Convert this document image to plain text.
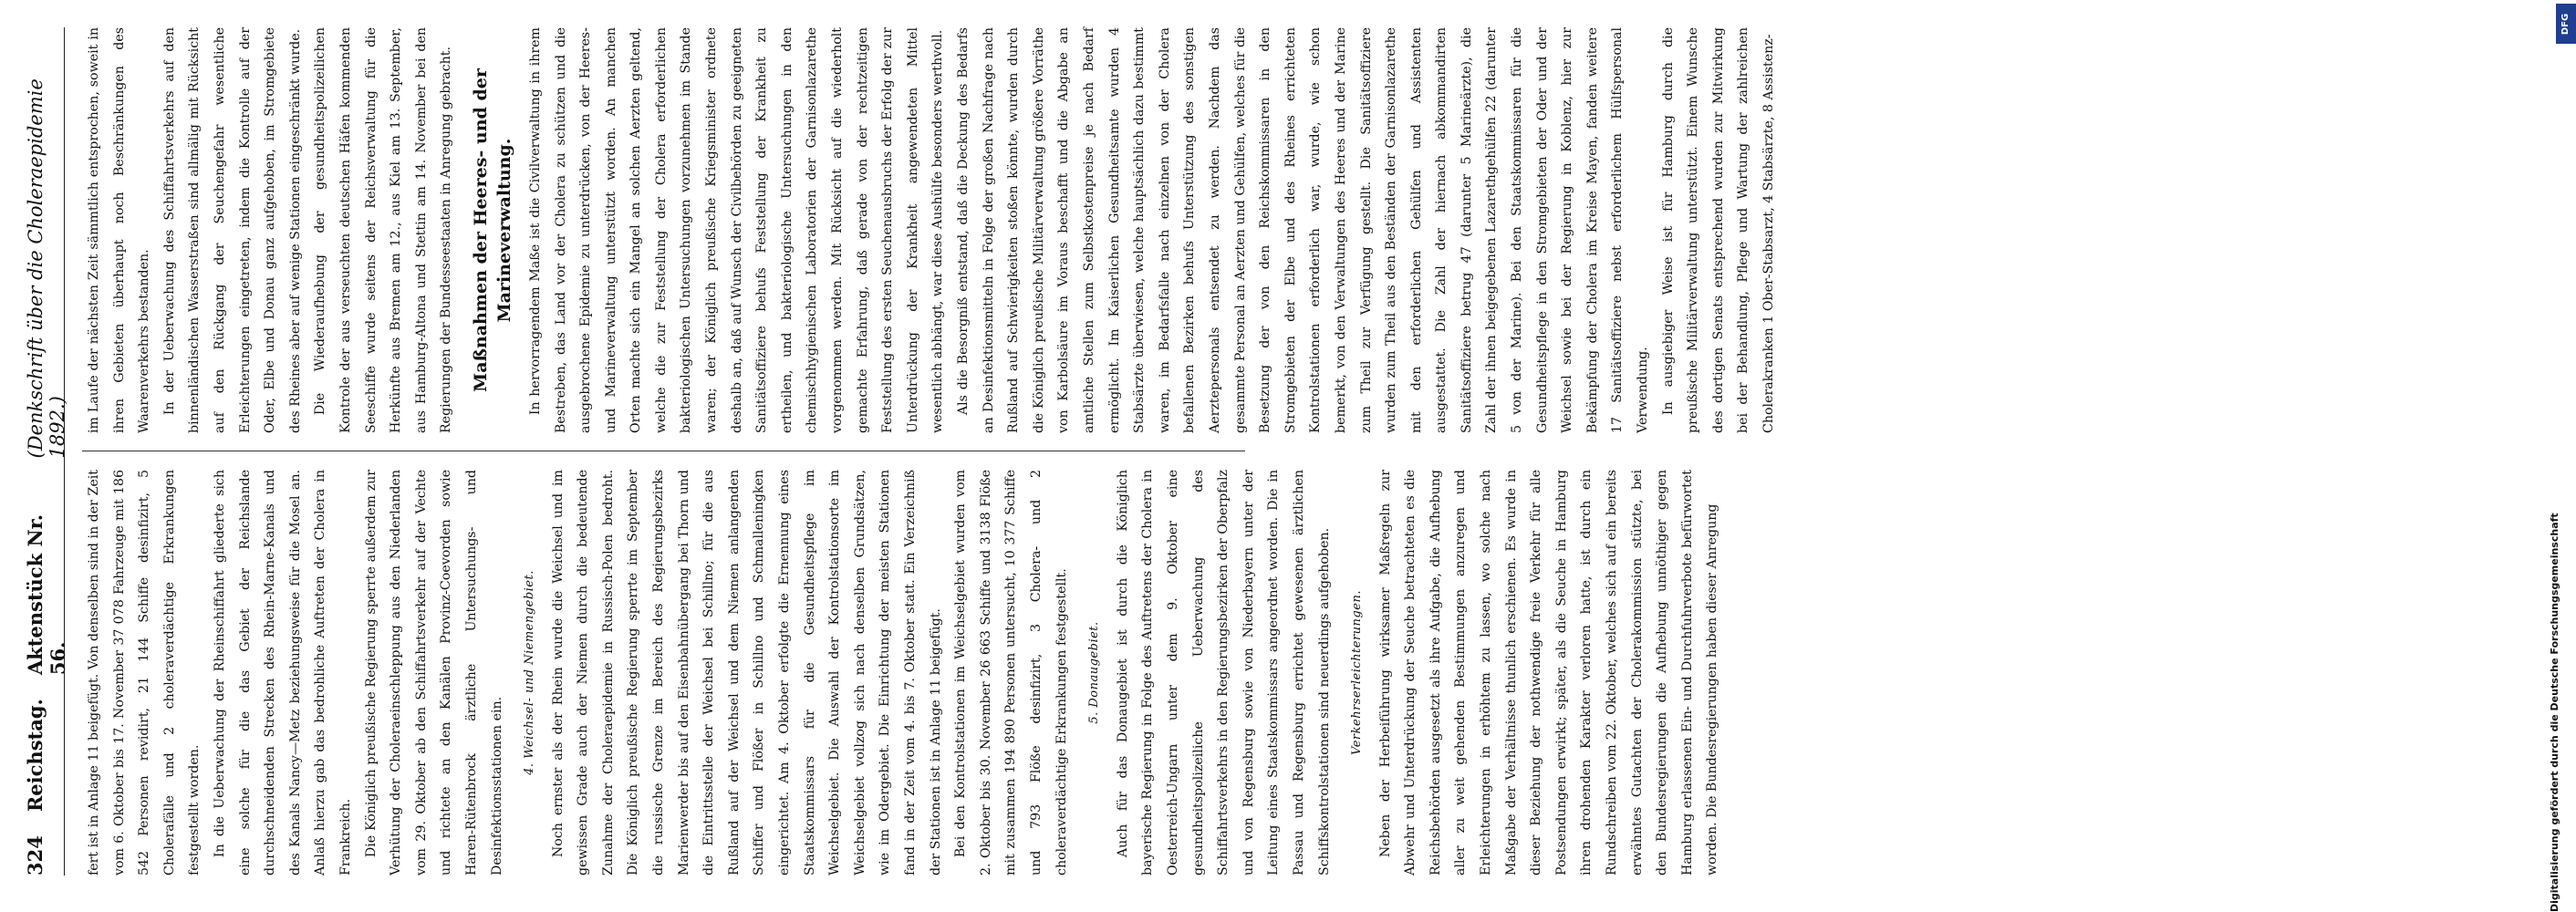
324
Reichstag.
Aktenstück Nr. 56.
(Denkschrift über die Choleraepidemie 1892.)

fert ist in Anlage 11 beigefügt. Von denselben sind in der Zeit vom 6. Oktober bis 17. November 37 078 Fahrzeuge mit 186 542 Personen revidirt, 21 144 Schiffe desinfizirt, 5 Cholerafälle und 2 choleraverdächtige Erkrankungen festgestellt worden. In die Ueberwachung der Rheinschiffahrt gliederte sich eine solche für die das Gebiet der Reichslande durchschneidenden Strecken des Rhein-Marne-Kanals und des Kanals Nancy—Metz beziehungsweise für die Mosel an. Anlaß hierzu gab das bedrohliche Auftreten der Cholera in Frankreich. Die Königlich preußische Regierung sperrte außerdem zur Verhütung der Choleraeinschleppung aus den Niederlanden vom 29. Oktober ab den Schiffahrtsverkehr auf der Vechte und richtete an den Kanälen Provinz-Coevorden sowie Haren-Rütenbrock ärztliche Untersuchungs- und Desinfektionsstationen ein.

4. Weichsel- und Niemengebiet.	Noch ernster als der Rhein wurde die Weichsel und im gewissen Grade auch der Niemen durch die bedeutende Zunahme der Choleraepidemie in Russisch-Polen bedroht. Die Königlich preußische Regierung sperrte im September die russische Grenze im Bereich des Regierungsbezirks Marienwerder bis auf den Eisenbahnübergang bei Thorn und die Eintrittsstelle der Weichsel bei Schillno; für die aus Rußland auf der Weichsel und dem Niemen anlangenden Schiffer und Flößer in Schillno und Schmalleningken eingerichtet. Am 4. Oktober erfolgte die Ernennung eines Staatskommissars für die Gesundheitspflege im Weichselgebiet. Die Auswahl der Kontrolstationsorte im Weichselgebiet vollzog sich nach denselben Grundsätzen, wie im Odergebiet. Die Einrichtung der meisten Stationen fand in der Zeit vom 4. bis 7. Oktober statt. Ein Verzeichniß der Stationen ist in Anlage 11 beigefügt. Bei den Kontrolstationen im Weichselgebiet wurden vom 2. Oktober bis 30. November 26 663 Schiffe und 3138 Flöße mit zusammen 194 890 Personen untersucht, 10 377 Schiffe und 793 Flöße desinfizirt, 3 Cholera- und 2 choleraverdächtige Erkrankungen festgestellt.	5. Donaugebiet.	Auch für das Donaugebiet ist durch die Königlich bayerische Regierung in Folge des Auftretens der Cholera in Oesterreich-Ungarn unter dem 9. Oktober eine gesundheitspolizeiliche Ueberwachung des Schiffahrtsverkehrs in den Regierungsbezirken der Oberpfalz und von Regensburg sowie von Niederbayern unter der Leitung eines Staatskommissars angeordnet worden. Die in Passau und Regensburg errichtet gewesenen ärztlichen Schiffskontrolstationen sind neuerdings aufgehoben.	Verkehrserleichterungen.	Neben der Herbeiführung wirksamer Maßregeln zur Abwehr und Unterdrückung der Seuche betrachteten es die Reichsbehörden ausgesetzt als ihre Aufgabe, die Aufhebung aller zu weit gehenden Bestimmungen anzuregen und Erleichterungen in erhöhtem zu lassen, wo solche nach Maßgabe der Verhältnisse thunlich erschienen. Es wurde in dieser Beziehung der nothwendige freie Verkehr für alle Postsendungen erwirkt; später, als die Seuche in Hamburg ihren drohenden Karakter verloren hatte, ist durch ein Rundschreiben vom 22. Oktober, welches sich auf ein bereits erwähntes Gutachten der Cholerakommission stützte, bei den Bundesregierungen die Aufhebung unnöthiger gegen Hamburg erlassenen Ein- und Durchfuhrverbote befürwortet worden. Die Bundesregierungen haben dieser Anregung

im Laufe der nächsten Zeit sämmtlich entsprochen, soweit in ihren Gebieten überhaupt noch Beschränkungen des Waarenverkehrs bestanden. In der Ueberwachung des Schiffahrtsverkehrs auf den binnenländischen Wasserstraßen sind allmälig mit Rücksicht auf den Rückgang der Seuchengefahr wesentliche Erleichterungen eingetreten, indem die Kontrolle auf der Oder, Elbe und Donau ganz aufgehoben, im Stromgebiete des Rheines aber auf wenige Stationen eingeschränkt wurde. Die Wiederaufhebung der gesundheitspolizeilichen Kontrole der aus verseuchten deutschen Häfen kommenden Seeschiffe wurde seitens der Reichsverwaltung für die Herkünfte aus Bremen am 12., aus Kiel am 13. September, aus Hamburg-Altona und Stettin am 14. November bei den Regierungen der Bundesseestaaten in Anregung gebracht. Maßnahmen der Heeres- und der Marineverwaltung.	In hervorragendem Maße ist die Civilverwaltung in ihrem Bestreben, das Land vor der Cholera zu schützen und die ausgebrochene Epidemie zu unterdrücken, von der Heeres- und Marineverwaltung unterstützt worden. An manchen Orten machte sich ein Mangel an solchen Aerzten geltend, welche die zur Feststellung der Cholera erforderlichen bakteriologischen Untersuchungen vorzunehmen im Stande waren; der Königlich preußische Kriegsminister ordnete deshalb an, daß auf Wunsch der Civilbehörden zu geeigneten Sanitätsoffiziere behufs Feststellung der Krankheit zu ertheilen, und bakteriologische Untersuchungen in den chemischhygienischen Laboratorien der Garnisonlazarethe vorgenommen werden. Mit Rücksicht auf die wiederholt gemachte Erfahrung, daß gerade von der rechtzeitigen Feststellung des ersten Seuchenausbruchs der Erfolg der zur Unterdrückung der Krankheit angewendeten Mittel wesentlich abhängt, war diese Aushülfe besonders werthvoll. Als die Besorgniß entstand, daß die Deckung des Bedarfs an Desinfektionsmitteln in Folge der großen Nachfrage nach Rußland auf Schwierigkeiten stoßen könnte, wurden durch die Königlich preußische Militärverwaltung größere Vorräthe von Karbolsäure im Voraus beschafft und die Abgabe an amtliche Stellen zum Selbstkostenpreise je nach Bedarf ermöglicht. Im Kaiserlichen Gesundheitsamte wurden 4 Stabsärzte überwiesen, welche hauptsächlich dazu bestimmt waren, im Bedarfsfalle nach einzelnen von der Cholera befallenen Bezirken behufs Unterstützung des sonstigen Aerztepersonals entsendet zu werden. Nachdem das gesammte Personal an Aerzten und Gehülfen, welches für die Besetzung der von den Reichskommissaren in den Stromgebieten der Elbe und des Rheines errichteten Kontrolstationen erforderlich war, wurde, wie schon bemerkt, von den Verwaltungen des Heeres und der Marine zum Theil zur Verfügung gestellt. Die Sanitätsoffiziere wurden zum Theil aus den Beständen der Garnisonlazarethe mit den erforderlichen Gehülfen und Assistenten ausgestattet. Die Zahl der hiernach abkommandirten Sanitätsoffiziere betrug 47 (darunter 5 Marineärzte), die Zahl der ihnen beigegebenen Lazarethgehülfen 22 (darunter 5 von der Marine). Bei den Staatskommissaren für die Gesundheitspflege in den Stromgebieten der Oder und der Weichsel sowie bei der Regierung in Koblenz, hier zur Bekämpfung der Cholera im Kreise Mayen, fanden weitere 17 Sanitätsoffiziere nebst erforderlichem Hülfspersonal Verwendung. In ausgiebiger Weise ist für Hamburg durch die preußische Militärverwaltung unterstützt. Einem Wunsche des dortigen Senats entsprechend wurden zur Mitwirkung bei der Behandlung, Pflege und Wartung der zahlreichen Cholerakranken 1 Ober-Stabsarzt, 4 Stabsärzte, 8 Assistenz-

DFG
Digitalisierung gefördert durch die Deutsche Forschungsgemeinschaft
